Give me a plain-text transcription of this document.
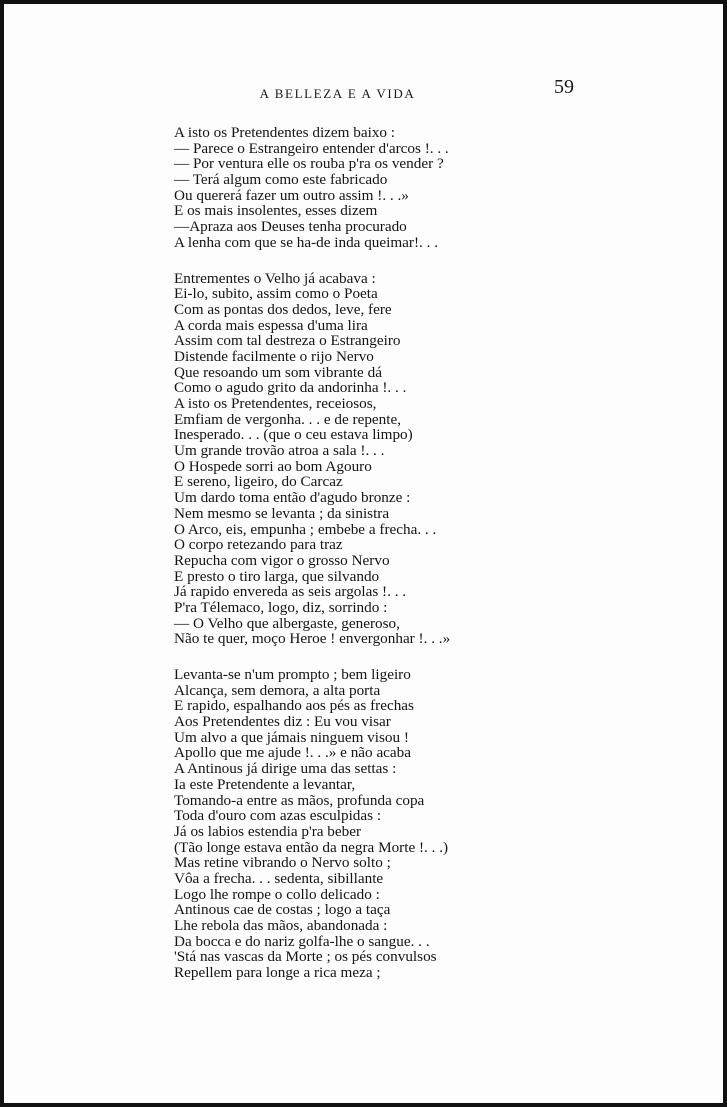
A BELLEZA E A VIDA	59
A isto os Pretendentes dizem baixo :
— Parece o Estrangeiro entender d'arcos !. . .
— Por ventura elle os rouba p'ra os vender ?
— Terá algum como este fabricado
Ou quererá fazer um outro assim !. . .»
E os mais insolentes, esses dizem
—Apraza aos Deuses tenha procurado
A lenha com que se ha-de inda queimar!. . .
Entrementes o Velho já acabava :
Ei-lo, subito, assim como o Poeta
Com as pontas dos dedos, leve, fere
A corda mais espessa d'uma lira
Assim com tal destreza o Estrangeiro
Distende facilmente o rijo Nervo
Que resoando um som vibrante dá
Como o agudo grito da andorinha !. . .
A isto os Pretendentes, receiosos,
Emfiam de vergonha. . . e de repente,
Inesperado. . . (que o ceu estava limpo)
Um grande trovão atroa a sala !. . .
O Hospede sorri ao bom Agouro
E sereno, ligeiro, do Carcaz
Um dardo toma então d'agudo bronze :
Nem mesmo se levanta ; da sinistra
O Arco, eis, empunha ; embebe a frecha. . .
O corpo retezando para traz
Repucha com vigor o grosso Nervo
E presto o tiro larga, que silvando
Já rapido envereda as seis argolas !. . .
P'ra Télemaco, logo, diz, sorrindo :
— O Velho que albergaste, generoso,
Não te quer, moço Heroe ! envergonhar !. . .»
Levanta-se n'um prompto ; bem ligeiro
Alcança, sem demora, a alta porta
E rapido, espalhando aos pés as frechas
Aos Pretendentes diz : Eu vou visar
Um alvo a que jámais ninguem visou !
Apollo que me ajude !. . .» e não acaba
A Antinous já dirige uma das settas :
Ia este Pretendente a levantar,
Tomando-a entre as mãos, profunda copa
Toda d'ouro com azas esculpidas :
Já os labios estendia p'ra beber
(Tão longe estava então da negra Morte !. . .)
Mas retine vibrando o Nervo solto ;
Vôa a frecha. . . sedenta, sibillante
Logo lhe rompe o collo delicado :
Antinous cae de costas ; logo a taça
Lhe rebola das mãos, abandonada :
Da bocca e do nariz golfa-lhe o sangue. . .
'Stá nas vascas da Morte ; os pés convulsos
Repellem para longe a rica meza ;
